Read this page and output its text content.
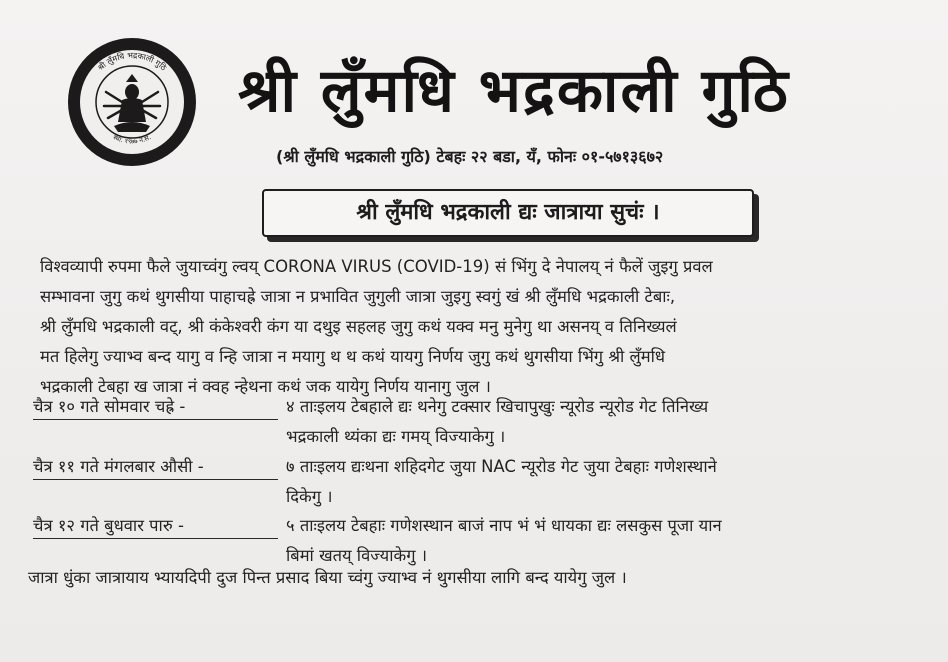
श्री लुँमधि भद्रकाली गुठि
स्था. १९७७ ने.सं.
श्री लुँमधि भद्रकाली गुठि
(श्री लुँमधि भद्रकाली गुठि) टेबहः २२ बडा, यँ, फोनः ०१-५७१३६७२
श्री लुँमधि भद्रकाली द्यः जात्राया सुचंः ।

विश्वव्यापी रुपमा फैले जुयाच्वंगु ल्वय् CORONA VIRUS (COVID-19) सं भिंगु दे नेपालय् नं फैलें जुइगु प्रवल

सम्भावना जुगु कथं थुगसीया पाहाचह्रे जात्रा न प्रभावित जुगुली जात्रा जुइगु स्वगुं खं श्री लुँमधि भद्रकाली टेबाः,

श्री लुँमधि भद्रकाली वट्, श्री कंकेश्वरी कंग या दथुइ सहलह जुगु कथं यक्व मनु मुनेगु था असनय् व तिनिख्यलं

मत हिलेगु ज्याभ्व बन्द यागु व न्हि जात्रा न मयागु थ थ कथं यायगु निर्णय जुगु कथं थुगसीया भिंगु श्री लुँमधि

भद्रकाली टेबहा ख जात्रा नं क्वह न्हेथना कथं जक यायेगु निर्णय यानागु जुल ।

चैत्र १० गते सोमवार चह्रे -	४ ताःइलय टेबहाले द्यः थनेगु टक्सार खिचापुखुः न्यूरोड न्यूरोड गेट तिनिख्य

भद्रकाली थ्यंका द्यः गमय् विज्याकेगु ।

चैत्र ११ गते मंगलबार औसी -	७ ताःइलय द्यःथना शहिदगेट जुया NAC न्यूरोड गेट जुया टेबहाः गणेशस्थाने

दिकेगु ।

चैत्र १२ गते बुधवार पारु -	५ ताःइलय टेबहाः गणेशस्थान बाजं नाप भं भं धायका द्यः लसकुस पूजा यान

बिमां खतय् विज्याकेगु ।

जात्रा धुंका जात्रायाय भ्यायदिपी दुज पिन्त प्रसाद बिया च्वंगु ज्याभ्व नं थुगसीया लागि बन्द यायेगु जुल ।
